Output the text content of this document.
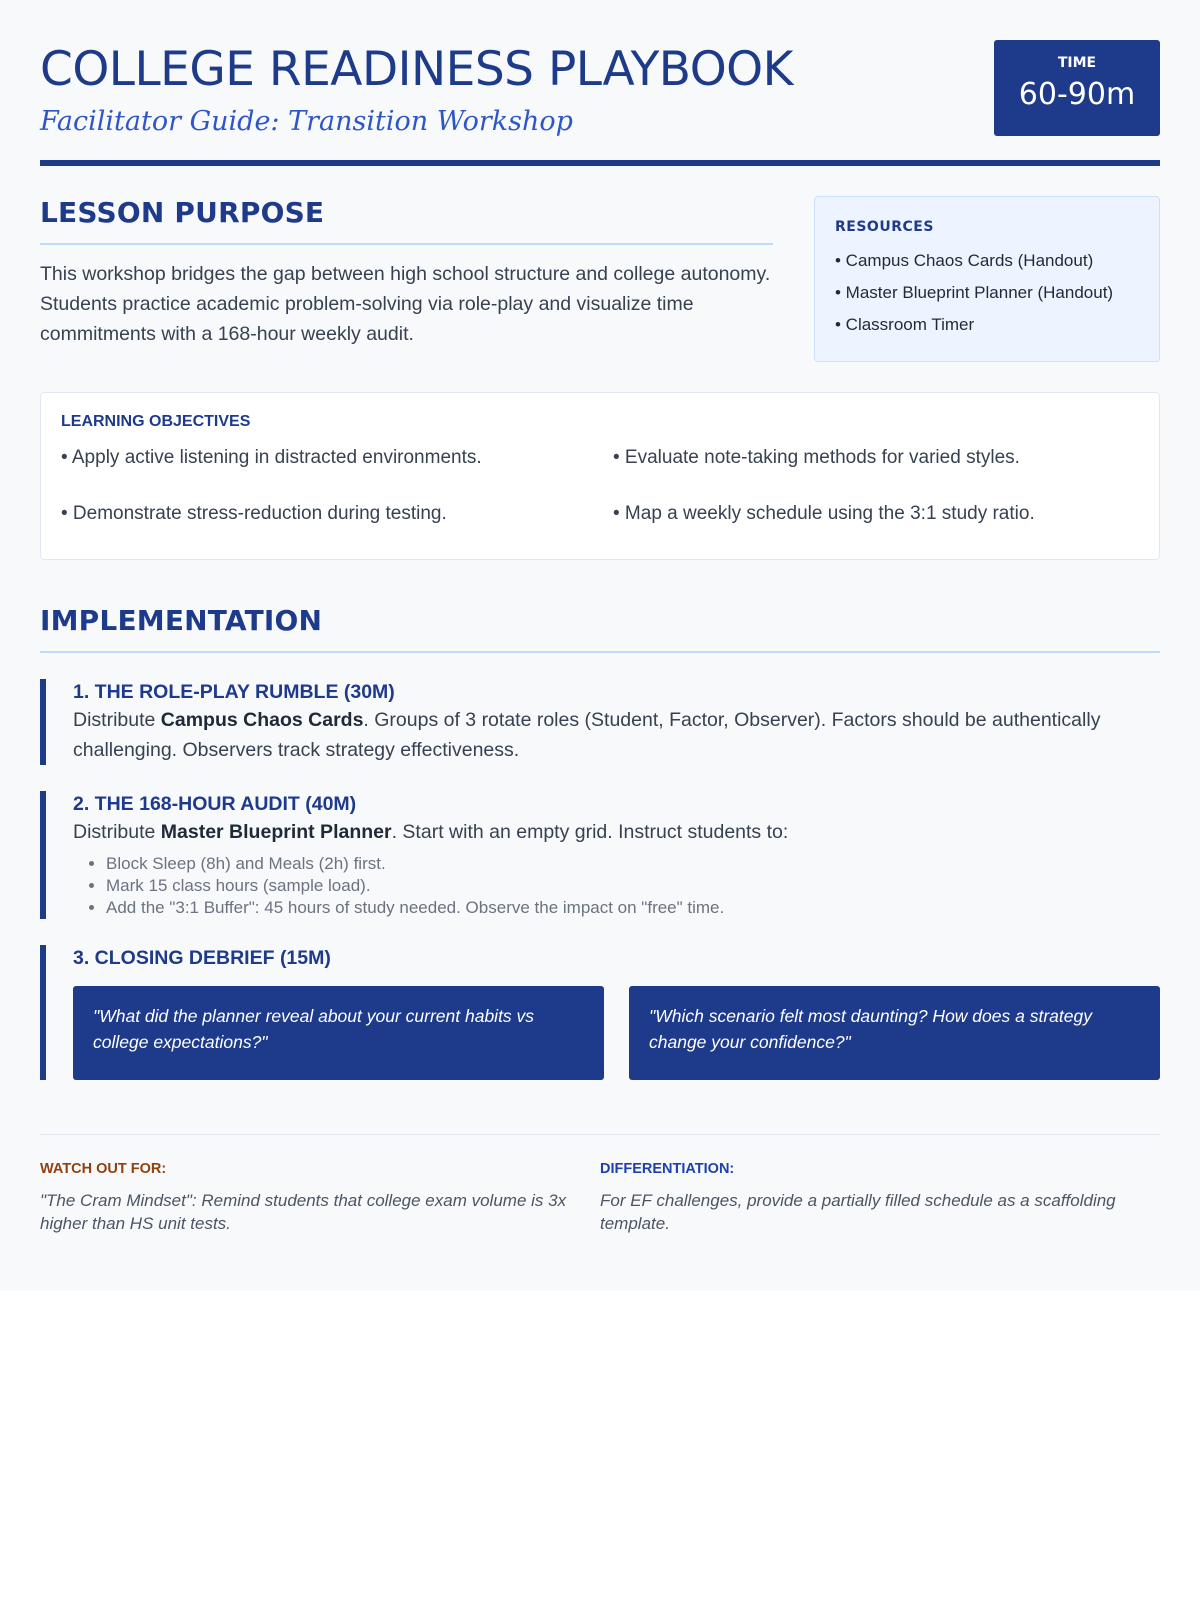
COLLEGE READINESS PLAYBOOK
Facilitator Guide: Transition Workshop
TIME
60-90m
LESSON PURPOSE

This workshop bridges the gap between high school structure and college autonomy. Students practice academic problem-solving via role-play and visualize time commitments with a 168-hour weekly audit.

RESOURCES
• Campus Chaos Cards (Handout)
• Master Blueprint Planner (Handout)
• Classroom Timer
LEARNING OBJECTIVES
• Apply active listening in distracted environments.	• Evaluate note-taking methods for varied styles.
• Demonstrate stress-reduction during testing.	• Map a weekly schedule using the 3:1 study ratio.
IMPLEMENTATION
1. THE ROLE-PLAY RUMBLE (30M)

Distribute Campus Chaos Cards. Groups of 3 rotate roles (Student, Factor, Observer). Factors should be authentically challenging. Observers track strategy effectiveness.

2. THE 168-HOUR AUDIT (40M)

Distribute Master Blueprint Planner. Start with an empty grid. Instruct students to:

• Block Sleep (8h) and Meals (2h) first.
• Mark 15 class hours (sample load).
• Add the "3:1 Buffer": 45 hours of study needed. Observe the impact on "free" time.
3. CLOSING DEBRIEF (15M)
"What did the planner reveal about your current habits vs college expectations?"
"Which scenario felt most daunting? How does a strategy change your confidence?"
WATCH OUT FOR:
"The Cram Mindset": Remind students that college exam volume is 3x higher than HS unit tests.
DIFFERENTIATION:
For EF challenges, provide a partially filled schedule as a scaffolding template.
